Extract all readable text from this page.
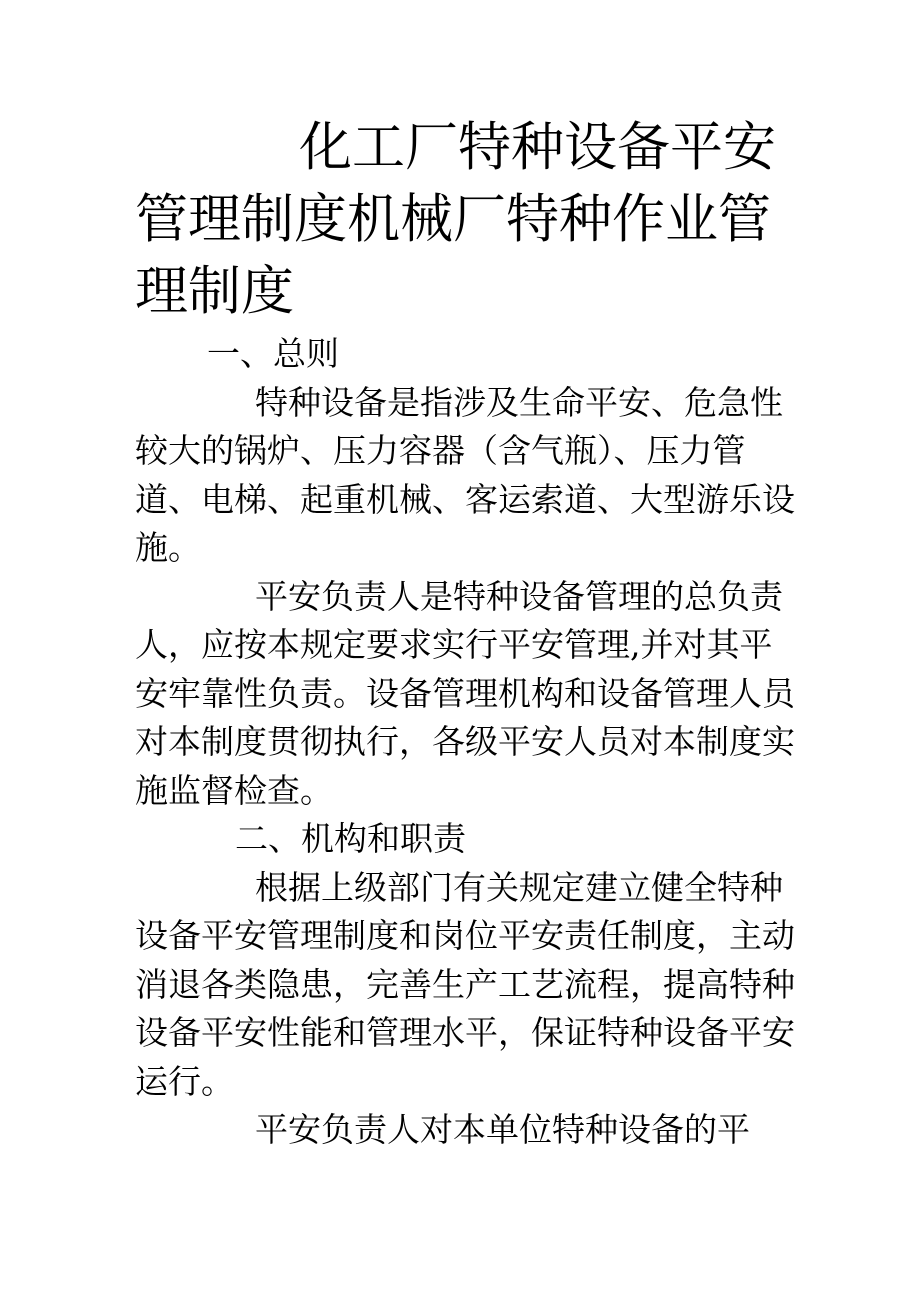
化工厂特种设备平安管理制度机械厂特种作业管理制度

一、总则

特种设备是指涉及生命平安、危急性较大的锅炉、压力容器（含气瓶）、压力管道、电梯、起重机械、客运索道、大型游乐设施。

平安负责人是特种设备管理的总负责人，应按本规定要求实行平安管理,并对其平安牢靠性负责。设备管理机构和设备管理人员对本制度贯彻执行，各级平安人员对本制度实施监督检查。

二、机构和职责

根据上级部门有关规定建立健全特种设备平安管理制度和岗位平安责任制度，主动消退各类隐患，完善生产工艺流程，提高特种设备平安性能和管理水平，保证特种设备平安运行。

平安负责人对本单位特种设备的平
